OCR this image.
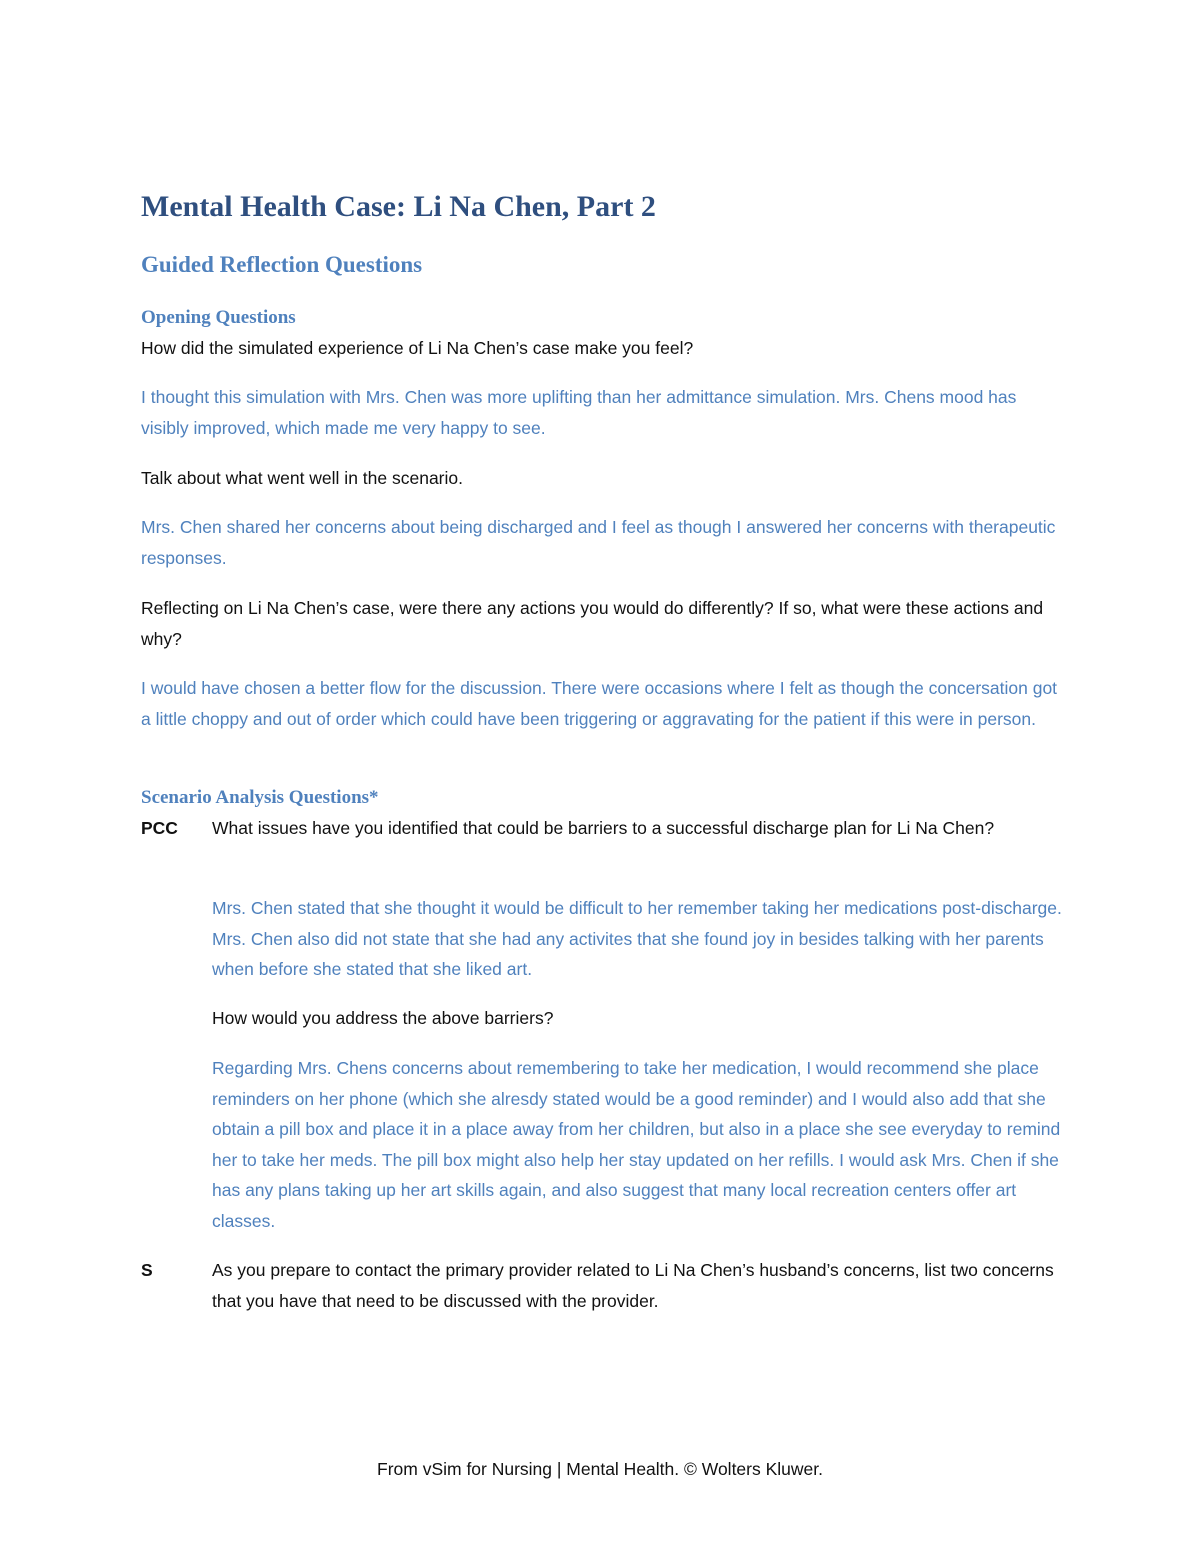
Mental Health Case: Li Na Chen, Part 2
Guided Reflection Questions
Opening Questions

How did the simulated experience of Li Na Chen’s case make you feel?

I thought this simulation with Mrs. Chen was more uplifting than her admittance simulation. Mrs. Chens mood has visibly improved, which made me very happy to see.

Talk about what went well in the scenario.

Mrs. Chen shared her concerns about being discharged and I feel as though I answered her concerns with therapeutic responses.

Reflecting on Li Na Chen’s case, were there any actions you would do differently? If so, what were these actions and why?

I would have chosen a better flow for the discussion. There were occasions where I felt as though the concersation got a little choppy and out of order which could have been triggering or aggravating for the patient if this were in person.

Scenario Analysis Questions*

PCC What issues have you identified that could be barriers to a successful discharge plan for Li Na Chen?

Mrs. Chen stated that she thought it would be difficult to her remember taking her medications post-discharge. Mrs. Chen also did not state that she had any activites that she found joy in besides talking with her parents when before she stated that she liked art.

How would you address the above barriers?

Regarding Mrs. Chens concerns about remembering to take her medication, I would recommend she place reminders on her phone (which she alresdy stated would be a good reminder) and I would also add that she obtain a pill box and place it in a place away from her children, but also in a place she see everyday to remind her to take her meds. The pill box might also help her stay updated on her refills. I would ask Mrs. Chen if she has any plans taking up her art skills again, and also suggest that many local recreation centers offer art classes.

S	As you prepare to contact the primary provider related to Li Na Chen’s husband’s concerns, list two concerns that you have that need to be discussed with the provider.

From vSim for Nursing | Mental Health. © Wolters Kluwer.
